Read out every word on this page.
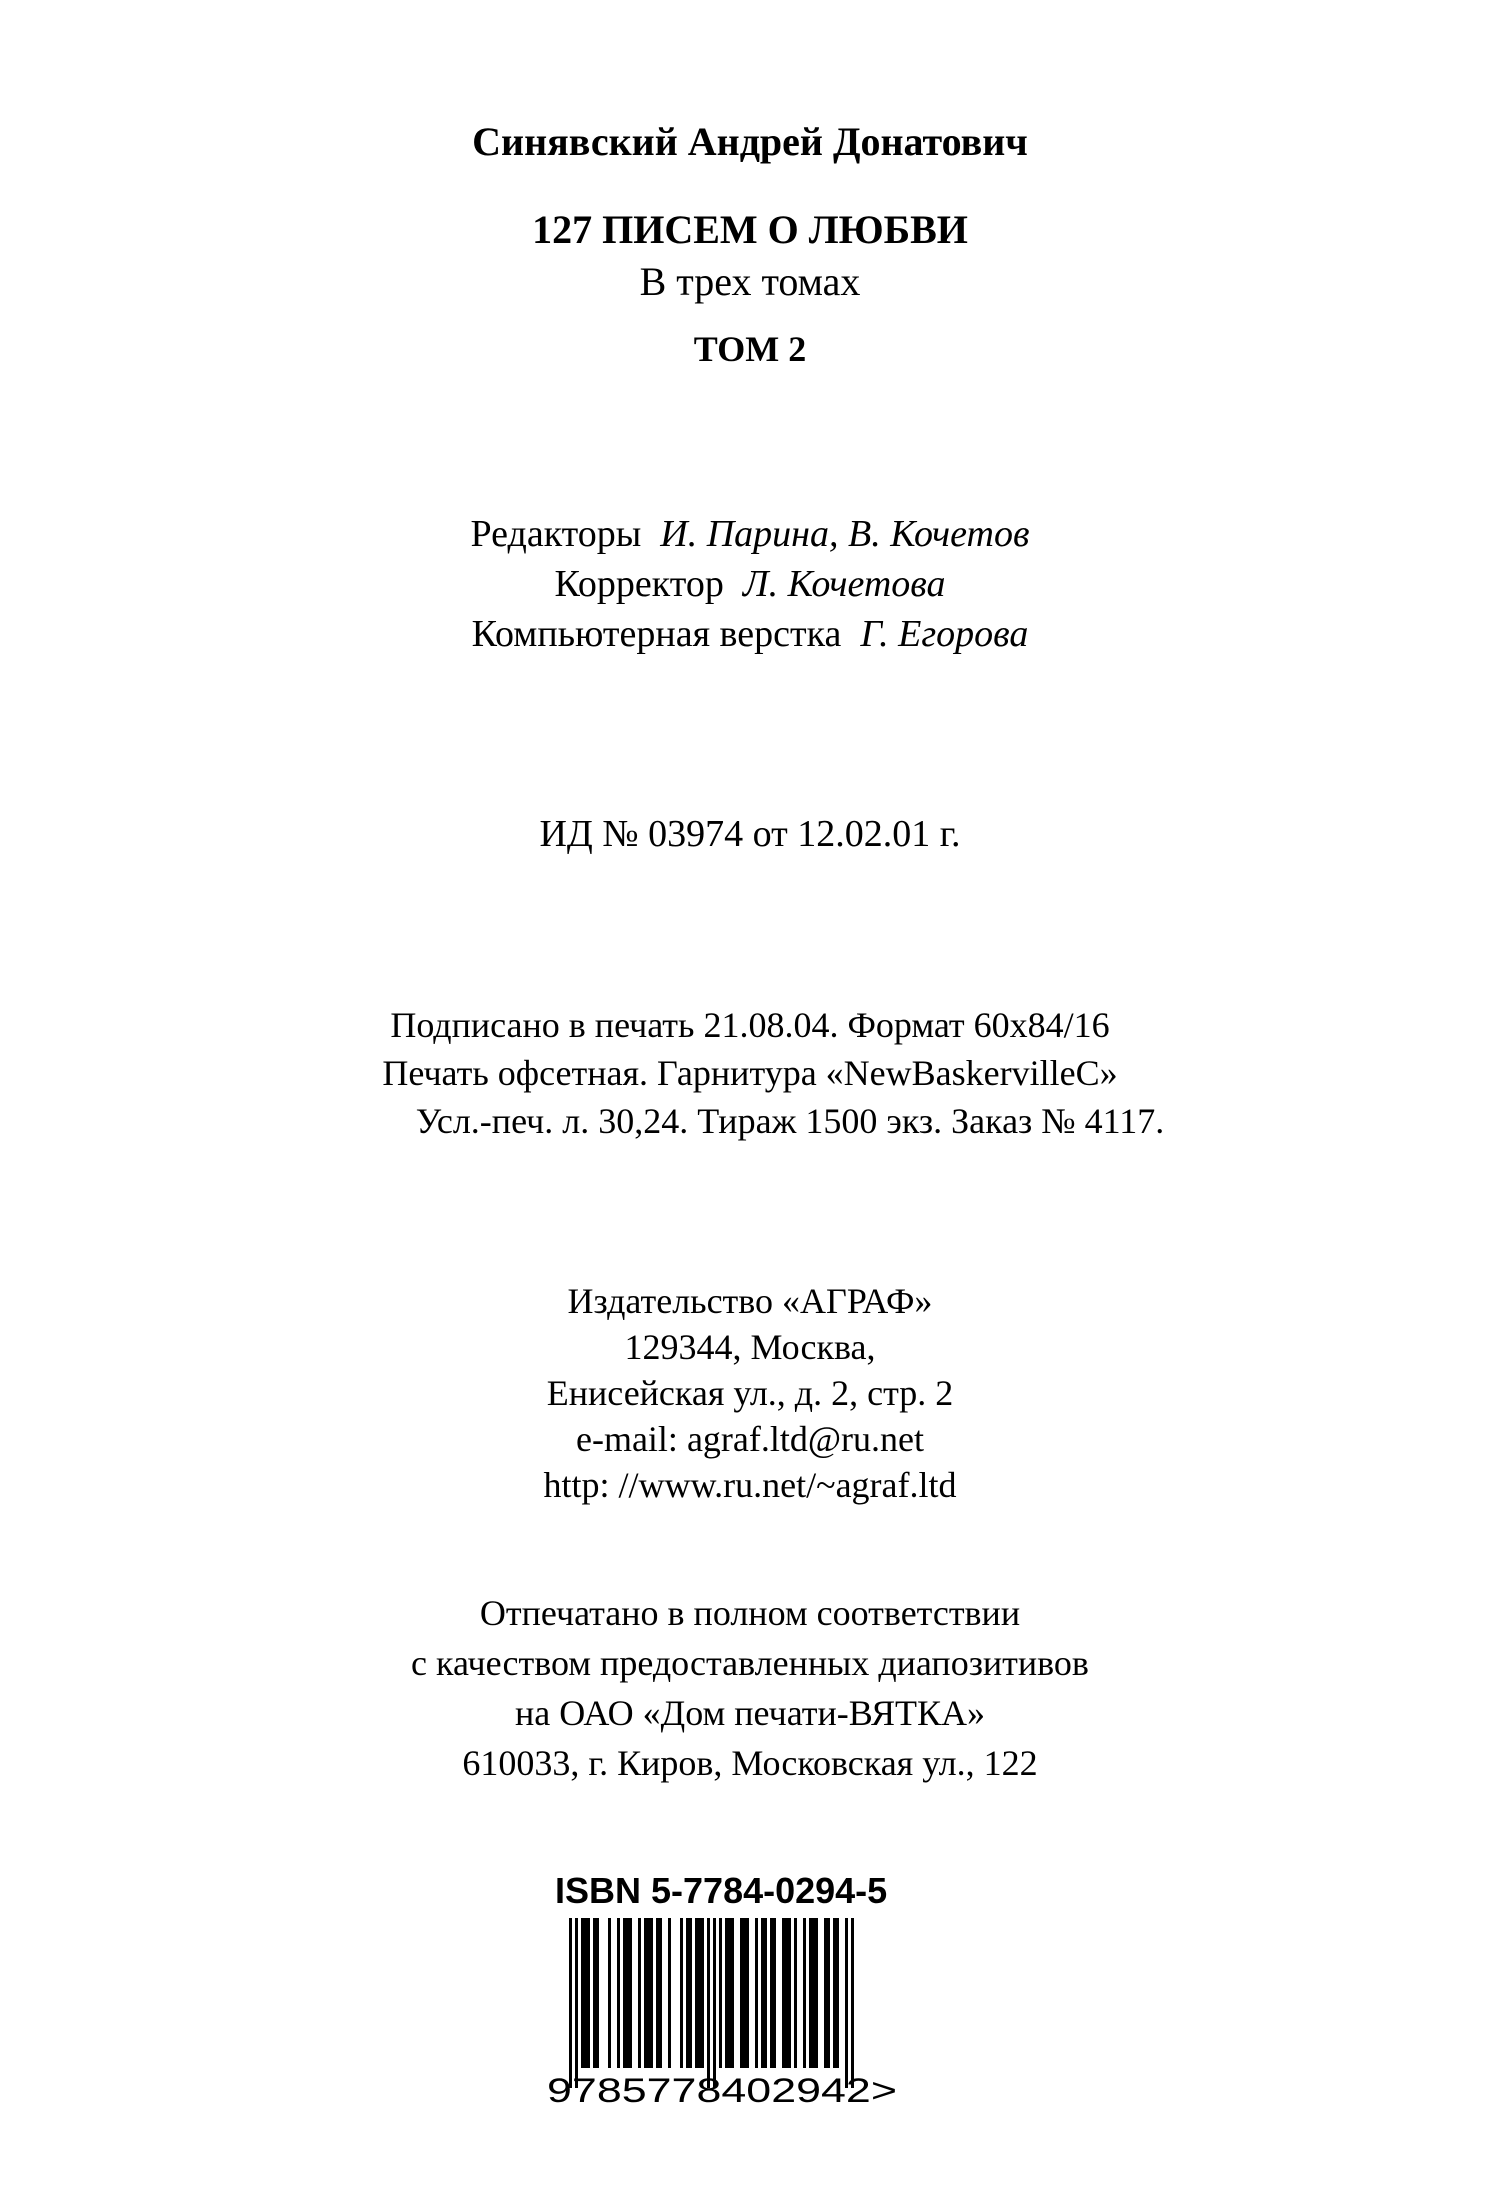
Синявский Андрей Донатович
127 ПИСЕМ О ЛЮБВИ
В трех томах
ТОМ 2
Редакторы И. Парина, В. Кочетов
Корректор Л. Кочетова
Компьютерная верстка Г. Егорова
ИД № 03974 от 12.02.01 г.
Подписано в печать 21.08.04. Формат 60x84/16
Печать офсетная. Гарнитура «NewBaskervilleC»
Усл.-печ. л. 30,24. Тираж 1500 экз. Заказ № 4117.
Издательство «АГРАФ»
129344, Москва,
Енисейская ул., д. 2, стр. 2
e-mail: agraf.ltd@ru.net
http: //www.ru.net/~agraf.ltd
Отпечатано в полном соответствии
с качеством предоставленных диапозитивов
на ОАО «Дом печати-ВЯТКА»
610033, г. Киров, Московская ул., 122
ISBN 5-7784-0294-5
9785778402942>
